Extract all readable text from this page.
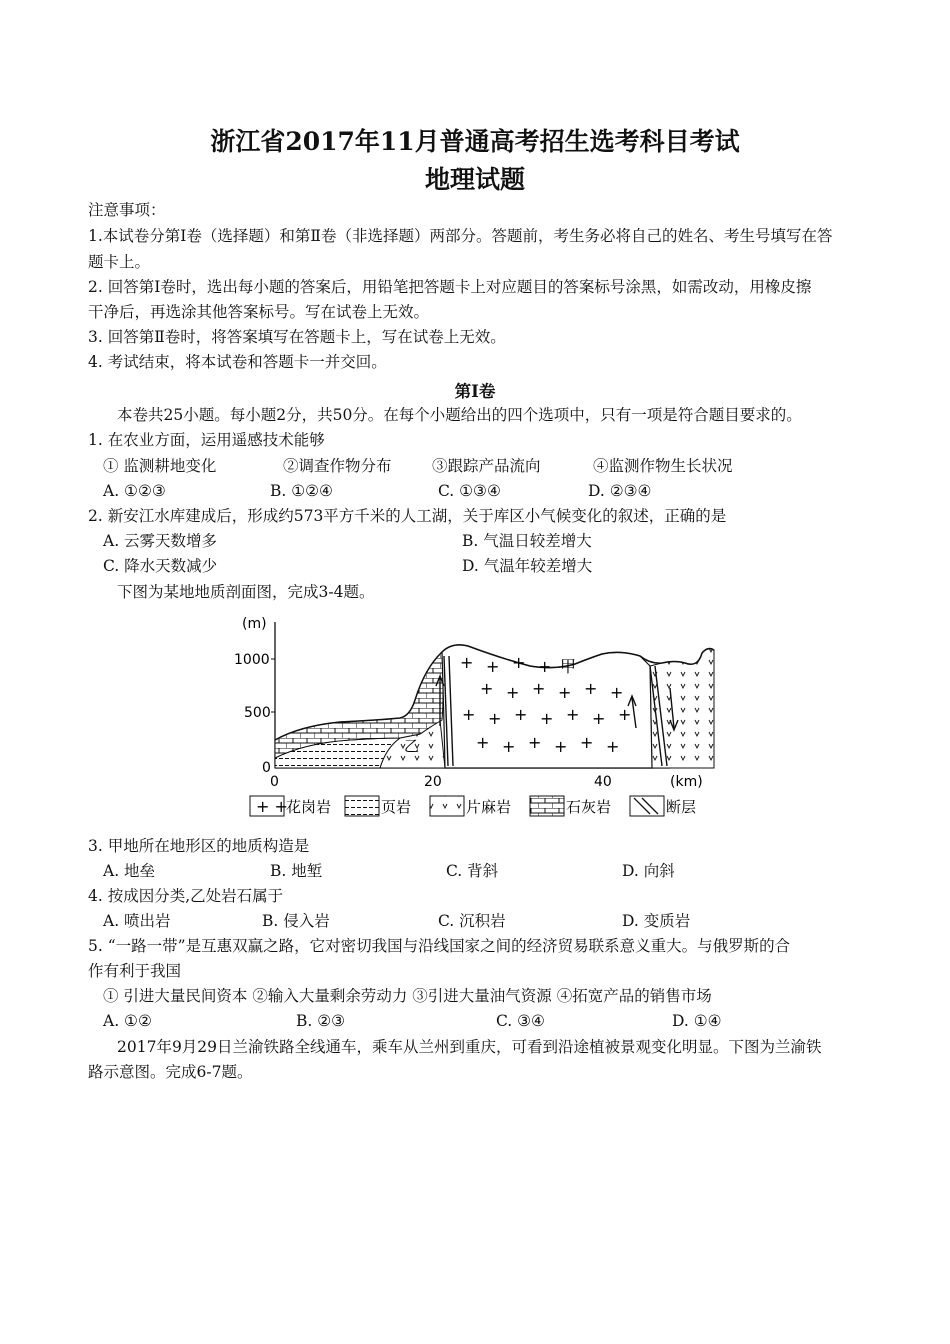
浙江省2017年11月普通高考招生选考科目考试
地理试题
注意事项：
1.本试卷分第Ⅰ卷（选择题）和第Ⅱ卷（非选择题）两部分。答题前，考生务必将自己的姓名、考生号填写在答
题卡上。
2. 回答第Ⅰ卷时，选出每小题的答案后，用铅笔把答题卡上对应题目的答案标号涂黑，如需改动，用橡皮擦
干净后，再选涂其他答案标号。写在试卷上无效。
3. 回答第Ⅱ卷时，将答案填写在答题卡上，写在试卷上无效。
4. 考试结束，将本试卷和答题卡一并交回。
第Ⅰ卷
本卷共25小题。每小题2分，共50分。在每个小题给出的四个选项中，只有一项是符合题目要求的。
1. 在农业方面，运用遥感技术能够
① 监测耕地变化	②调查作物分布	③跟踪产品流向	④监测作物生长状况
A. ①②③	B. ①②④	C. ①③④	D. ②③④
2. 新安江水库建成后，形成约573平方千米的人工湖，关于库区小气候变化的叙述，正确的是
A. 云雾天数增多	B. 气温日较差增大
C. 降水天数减少	D. 气温年较差增大
下图为某地地质剖面图，完成3-4题。
(m)
1000
500
0
0	20	40	(km)
+ + + +
+ + + + + +
+ + + + + + +
+ + + + + +
甲
乙
+ +
花岗岩	页岩	片麻岩	石灰岩	断层
3. 甲地所在地形区的地质构造是
A. 地垒	B. 地堑	C. 背斜	D. 向斜
4. 按成因分类,乙处岩石属于
A. 喷出岩	B. 侵入岩	C. 沉积岩	D. 变质岩
5. “一路一带”是互惠双赢之路，它对密切我国与沿线国家之间的经济贸易联系意义重大。与俄罗斯的合
作有利于我国
① 引进大量民间资本 ②输入大量剩余劳动力 ③引进大量油气资源 ④拓宽产品的销售市场
A. ①②	B. ②③	C. ③④	D. ①④
2017年9月29日兰渝铁路全线通车，乘车从兰州到重庆，可看到沿途植被景观变化明显。下图为兰渝铁
路示意图。完成6-7题。
